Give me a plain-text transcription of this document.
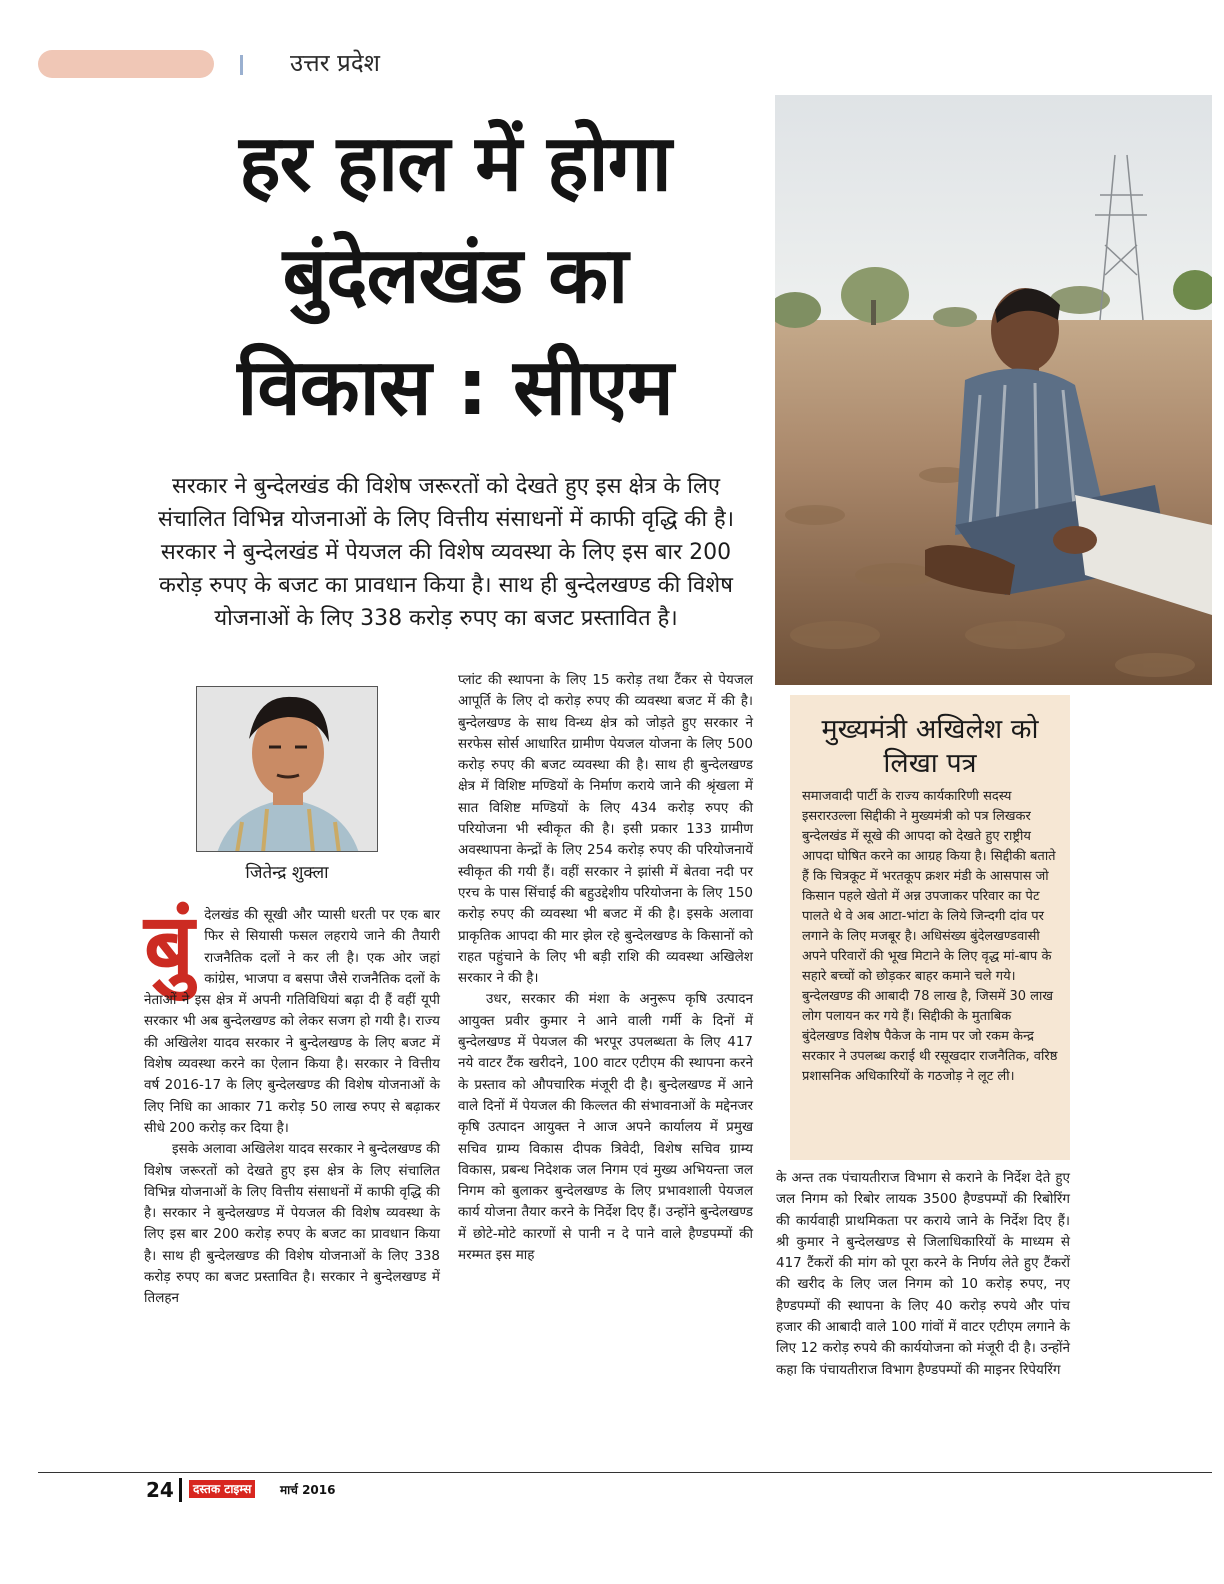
उत्तर प्रदेश
हर हाल में होगा
बुंदेलखंड का
विकास : सीएम

सरकार ने बुन्देलखंड की विशेष जरूरतों को देखते हुए इस क्षेत्र के लिए संचालित विभिन्न योजनाओं के लिए वित्तीय संसाधनों में काफी वृद्धि की है। सरकार ने बुन्देलखंड में पेयजल की विशेष व्यवस्था के लिए इस बार 200 करोड़ रुपए के बजट का प्रावधान किया है। साथ ही बुन्देलखण्ड की विशेष योजनाओं के लिए 338 करोड़ रुपए का बजट प्रस्तावित है।

मुख्यमंत्री अखिलेश को लिखा पत्र

समाजवादी पार्टी के राज्य कार्यकारिणी सदस्य इसरारउल्ला सिद्दीकी ने मुख्यमंत्री को पत्र लिखकर बुन्देलखंड में सूखे की आपदा को देखते हुए राष्ट्रीय आपदा घोषित करने का आग्रह किया है। सिद्दीकी बताते हैं कि चित्रकूट में भरतकूप क्रशर मंडी के आसपास जो किसान पहले खेतो में अन्न उपजाकर परिवार का पेट पालते थे वे अब आटा-भांटा के लिये जिन्दगी दांव पर लगाने के लिए मजबूर है। अधिसंख्य बुंदेलखण्डवासी अपने परिवारों की भूख मिटाने के लिए वृद्ध मां-बाप के सहारे बच्चों को छोड़कर बाहर कमाने चले गये। बुन्देलखण्ड की आबादी 78 लाख है, जिसमें 30 लाख लोग पलायन कर गये हैं। सिद्दीकी के मुताबिक बुंदेलखण्ड विशेष पैकेज के नाम पर जो रकम केन्द्र सरकार ने उपलब्ध कराई थी रसूखदार राजनैतिक, वरिष्ठ प्रशासनिक अधिकारियों के गठजोड़ ने लूट ली।

जितेन्द्र शुक्ला
बुं देलखंड की सूखी और प्यासी धरती पर एक बार फिर से सियासी फसल लहराये जाने की तैयारी राजनैतिक दलों ने कर ली है। एक ओर जहां कांग्रेस, भाजपा व बसपा जैसे राजनैतिक दलों के नेताओं ने इस क्षेत्र में अपनी गतिविधियां बढ़ा दी हैं वहीं यूपी सरकार भी अब बुन्देलखण्ड को लेकर सजग हो गयी है। राज्य की अखिलेश यादव सरकार ने बुन्देलखण्ड के लिए बजट में विशेष व्यवस्था करने का ऐलान किया है। सरकार ने वित्तीय वर्ष 2016-17 के लिए बुन्देलखण्ड की विशेष योजनाओं के लिए निधि का आकार 71 करोड़ 50 लाख रुपए से बढ़ाकर सीधे 200 करोड़ कर दिया है।

इसके अलावा अखिलेश यादव सरकार ने बुन्देलखण्ड की विशेष जरूरतों को देखते हुए इस क्षेत्र के लिए संचालित विभिन्न योजनाओं के लिए वित्तीय संसाधनों में काफी वृद्धि की है। सरकार ने बुन्देलखण्ड में पेयजल की विशेष व्यवस्था के लिए इस बार 200 करोड़ रुपए के बजट का प्रावधान किया है। साथ ही बुन्देलखण्ड की विशेष योजनाओं के लिए 338 करोड़ रुपए का बजट प्रस्तावित है। सरकार ने बुन्देलखण्ड में तिलहन

प्लांट की स्थापना के लिए 15 करोड़ तथा टैंकर से पेयजल आपूर्ति के लिए दो करोड़ रुपए की व्यवस्था बजट में की है। बुन्देलखण्ड के साथ विन्ध्य क्षेत्र को जोड़ते हुए सरकार ने सरफेस सोर्स आधारित ग्रामीण पेयजल योजना के लिए 500 करोड़ रुपए की बजट व्यवस्था की है। साथ ही बुन्देलखण्ड क्षेत्र में विशिष्ट मण्डियों के निर्माण कराये जाने की श्रृंखला में सात विशिष्ट मण्डियों के लिए 434 करोड़ रुपए की परियोजना भी स्वीकृत की है। इसी प्रकार 133 ग्रामीण अवस्थापना केन्द्रों के लिए 254 करोड़ रुपए की परियोजनायें स्वीकृत की गयी हैं। वहीं सरकार ने झांसी में बेतवा नदी पर एरच के पास सिंचाई की बहुउद्देशीय परियोजना के लिए 150 करोड़ रुपए की व्यवस्था भी बजट में की है। इसके अलावा प्राकृतिक आपदा की मार झेल रहे बुन्देलखण्ड के किसानों को राहत पहुंचाने के लिए भी बड़ी राशि की व्यवस्था अखिलेश सरकार ने की है।

उधर, सरकार की मंशा के अनुरूप कृषि उत्पादन आयुक्त प्रवीर कुमार ने आने वाली गर्मी के दिनों में बुन्देलखण्ड में पेयजल की भरपूर उपलब्धता के लिए 417 नये वाटर टैंक खरीदने, 100 वाटर एटीएम की स्थापना करने के प्रस्ताव को औपचारिक मंजूरी दी है। बुन्देलखण्ड में आने वाले दिनों में पेयजल की किल्लत की संभावनाओं के मद्देनजर कृषि उत्पादन आयुक्त ने आज अपने कार्यालय में प्रमुख सचिव ग्राम्य विकास दीपक त्रिवेदी, विशेष सचिव ग्राम्य विकास, प्रबन्ध निदेशक जल निगम एवं मुख्य अभियन्ता जल निगम को बुलाकर बुन्देलखण्ड के लिए प्रभावशाली पेयजल कार्य योजना तैयार करने के निर्देश दिए हैं। उन्होंने बुन्देलखण्ड में छोटे-मोटे कारणों से पानी न दे पाने वाले हैण्डपम्पों की मरम्मत इस माह

के अन्त तक पंचायतीराज विभाग से कराने के निर्देश देते हुए जल निगम को रिबोर लायक 3500 हैण्डपम्पों की रिबोरिंग की कार्यवाही प्राथमिकता पर कराये जाने के निर्देश दिए हैं। श्री कुमार ने बुन्देलखण्ड से जिलाधिकारियों के माध्यम से 417 टैंकरों की मांग को पूरा करने के निर्णय लेते हुए टैंकरों की खरीद के लिए जल निगम को 10 करोड़ रुपए, नए हैण्डपम्पों की स्थापना के लिए 40 करोड़ रुपये और पांच हजार की आबादी वाले 100 गांवों में वाटर एटीएम लगाने के लिए 12 करोड़ रुपये की कार्ययोजना को मंजूरी दी है। उन्होंने कहा कि पंचायतीराज विभाग हैण्डपम्पों की माइनर रिपेयरिंग

24	दस्तक टाइम्स	मार्च 2016
